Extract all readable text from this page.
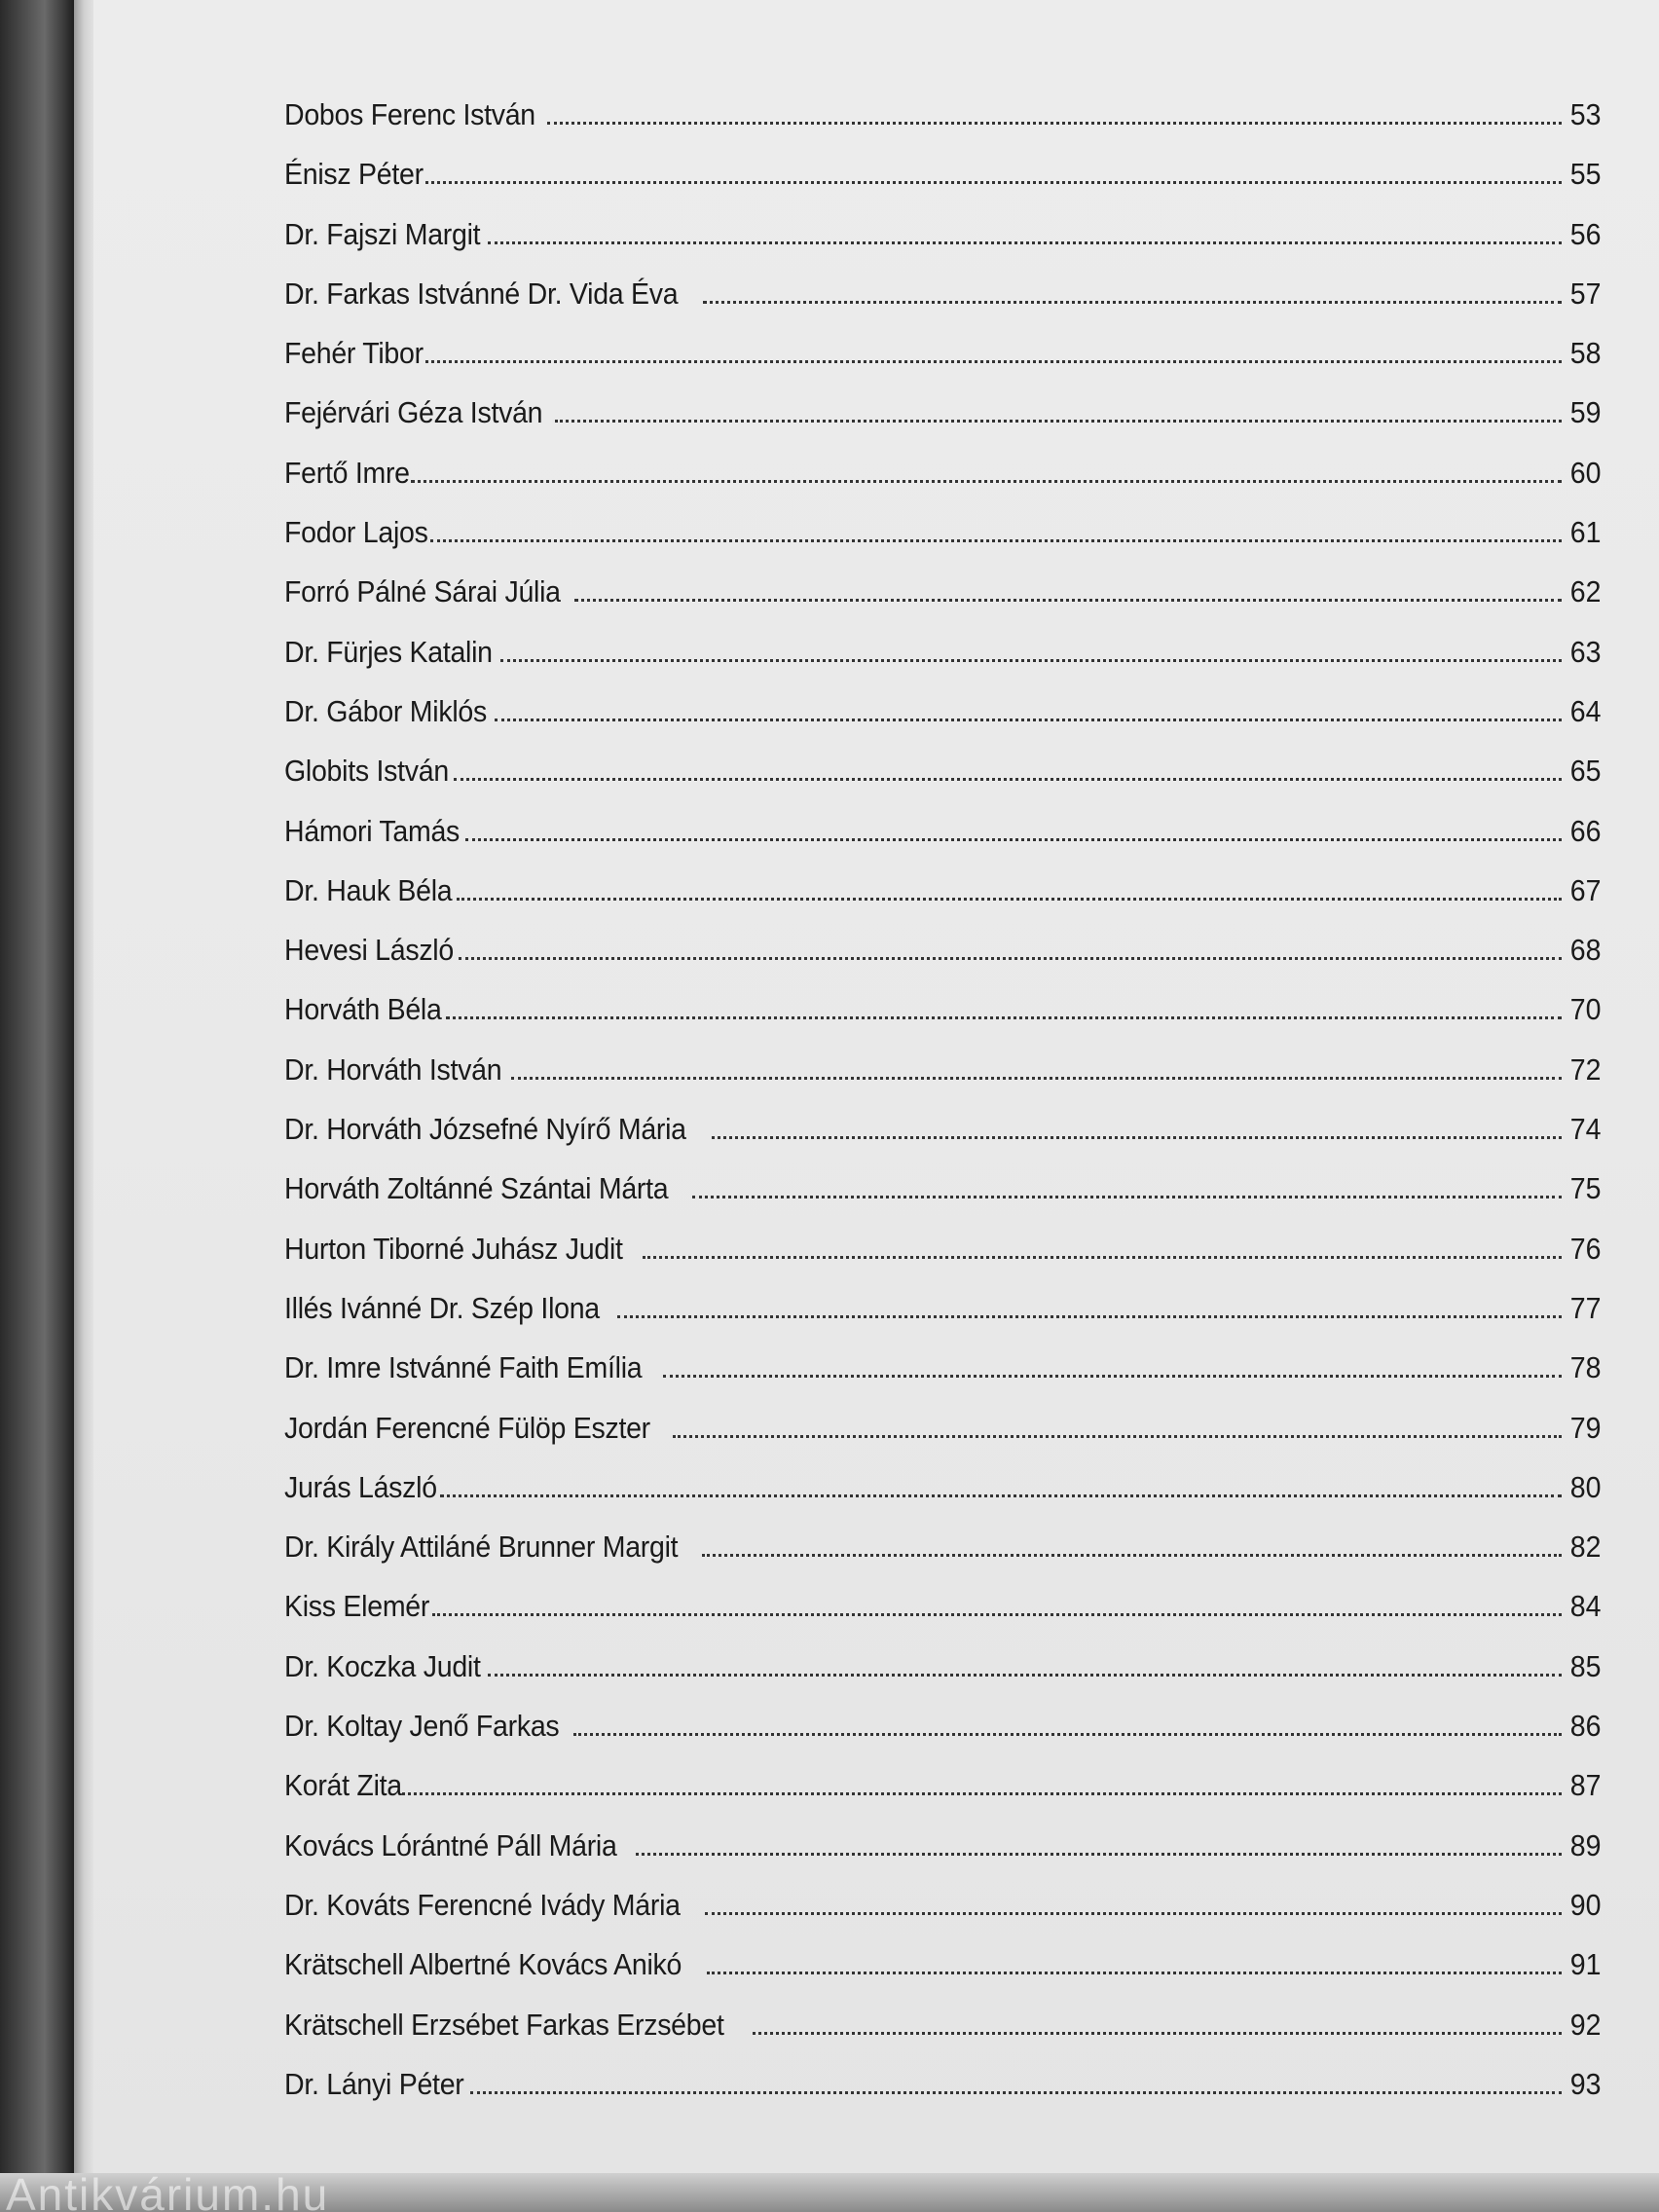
Dobos Ferenc István	53
Énisz Péter	55
Dr. Fajszi Margit	56
Dr. Farkas Istvánné Dr. Vida Éva	57
Fehér Tibor	58
Fejérvári Géza István	59
Fertő Imre	60
Fodor Lajos	61
Forró Pálné Sárai Júlia	62
Dr. Fürjes Katalin	63
Dr. Gábor Miklós	64
Globits István	65
Hámori Tamás	66
Dr. Hauk Béla	67
Hevesi László	68
Horváth Béla	70
Dr. Horváth István	72
Dr. Horváth Józsefné Nyírő Mária	74
Horváth Zoltánné Szántai Márta	75
Hurton Tiborné Juhász Judit	76
Illés Ivánné Dr. Szép Ilona	77
Dr. Imre Istvánné Faith Emília	78
Jordán Ferencné Fülöp Eszter	79
Jurás László	80
Dr. Király Attiláné Brunner Margit	82
Kiss Elemér	84
Dr. Koczka Judit	85
Dr. Koltay Jenő Farkas	86
Korát Zita	87
Kovács Lórántné Páll Mária	89
Dr. Kováts Ferencné Ivády Mária	90
Krätschell Albertné Kovács Anikó	91
Krätschell Erzsébet Farkas Erzsébet	92
Dr. Lányi Péter	93
Antikvárium.hu
